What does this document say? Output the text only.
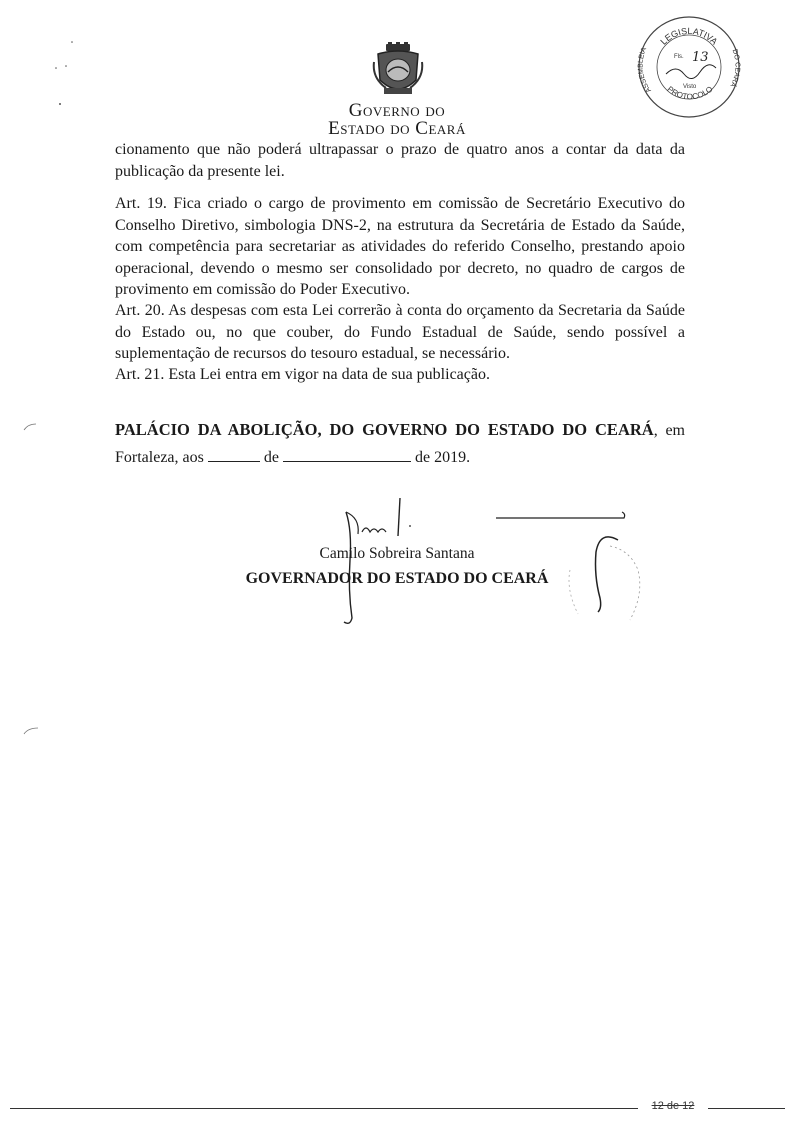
Governo do
Estado do Ceará
LEGISLATIVA
ASSEMBLEIA	DO CEARÁ
PROTOCOLO
Fls. 13
Visto

cionamento que não poderá ultrapassar o prazo de quatro anos a contar da data da publicação da presente lei.

Art. 19. Fica criado o cargo de provimento em comissão de Secretário Executivo do Conselho Diretivo, simbologia DNS-2, na estrutura da Secretária de Estado da Saúde, com competência para secretariar as atividades do referido Conselho, prestando apoio operacional, devendo o mesmo ser consolidado por decreto, no quadro de cargos de provimento em comissão do Poder Executivo.

Art. 20. As despesas com esta Lei correrão à conta do orçamento da Secretaria da Saúde do Estado ou, no que couber, do Fundo Estadual de Saúde, sendo possível a suplementação de recursos do tesouro estadual, se necessário.

Art. 21. Esta Lei entra em vigor na data de sua publicação.

PALÁCIO DA ABOLIÇÃO, DO GOVERNO DO ESTADO DO CEARÁ, em Fortaleza, aos	de	de 2019.
Camilo Sobreira Santana
GOVERNADOR DO ESTADO DO CEARÁ
12 de 12
